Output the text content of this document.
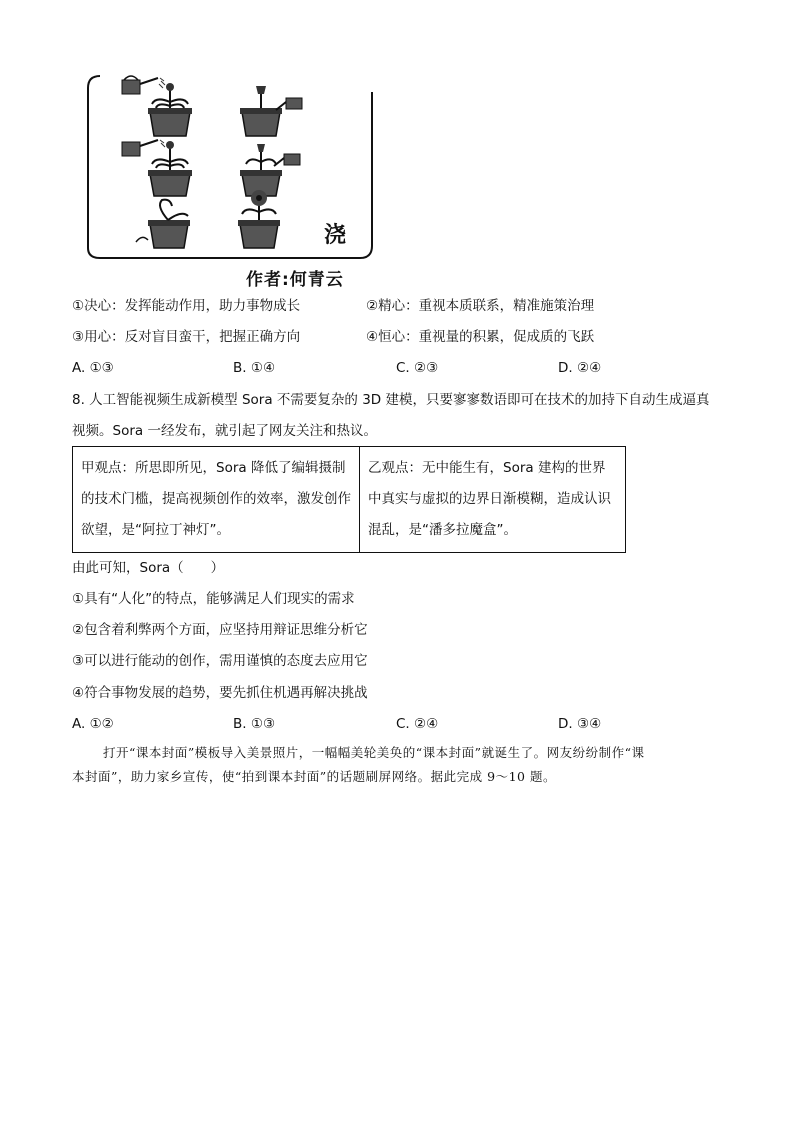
浇
作者:何青云
①决心：发挥能动作用，助力事物成长	②精心：重视本质联系，精准施策治理
③用心：反对盲目蛮干，把握正确方向	④恒心：重视量的积累，促成质的飞跃
A. ①③	B. ①④	C. ②③	D. ②④
8. 人工智能视频生成新模型 Sora 不需要复杂的 3D 建模，只要寥寥数语即可在技术的加持下自动生成逼真
视频。Sora 一经发布，就引起了网友关注和热议。
甲观点：所思即所见，Sora 降低了编辑摄制的技术门槛，提高视频创作的效率，激发创作欲望，是“阿拉丁神灯”。	乙观点：无中能生有，Sora 建构的世界中真实与虚拟的边界日渐模糊，造成认识混乱，是“潘多拉魔盒”。
由此可知，Sora（　　）
①具有“人化”的特点，能够满足人们现实的需求
②包含着利弊两个方面，应坚持用辩证思维分析它
③可以进行能动的创作，需用谨慎的态度去应用它
④符合事物发展的趋势，要先抓住机遇再解决挑战
A. ①②	B. ①③	C. ②④	D. ③④
打开“课本封面”模板导入美景照片，一幅幅美轮美奂的“课本封面”就诞生了。网友纷纷制作“课
本封面”，助力家乡宣传，使“拍到课本封面”的话题刷屏网络。据此完成 9～10 题。
